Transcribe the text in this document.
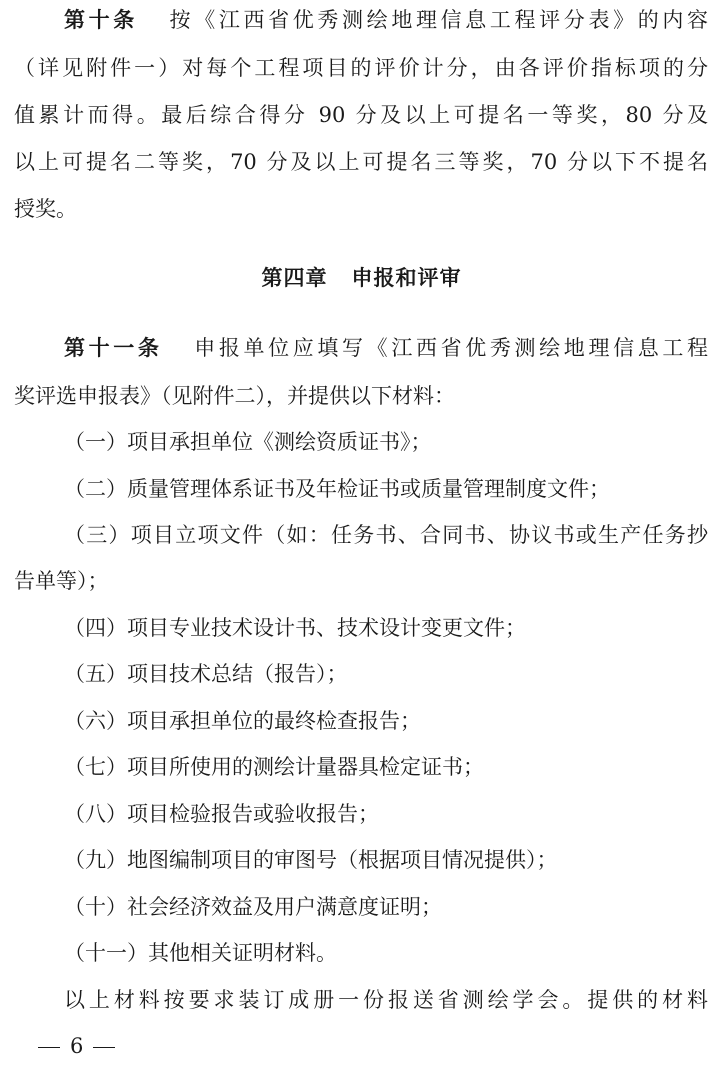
第十条 按《江西省优秀测绘地理信息工程评分表》的内容
（详见附件一）对每个工程项目的评价计分，由各评价指标项的分
值累计而得。最后综合得分 90 分及以上可提名一等奖，80 分及
以上可提名二等奖，70 分及以上可提名三等奖，70 分以下不提名
授奖。
第四章 申报和评审
第十一条 申报单位应填写《江西省优秀测绘地理信息工程
奖评选申报表》（见附件二），并提供以下材料：
（一）项目承担单位《测绘资质证书》；
（二）质量管理体系证书及年检证书或质量管理制度文件；
（三）项目立项文件（如：任务书、合同书、协议书或生产任务抄
告单等）；
（四）项目专业技术设计书、技术设计变更文件；
（五）项目技术总结（报告）；
（六）项目承担单位的最终检查报告；
（七）项目所使用的测绘计量器具检定证书；
（八）项目检验报告或验收报告；
（九）地图编制项目的审图号（根据项目情况提供）；
（十）社会经济效益及用户满意度证明；
（十一）其他相关证明材料。
以上材料按要求装订成册一份报送省测绘学会。提供的材料
6
